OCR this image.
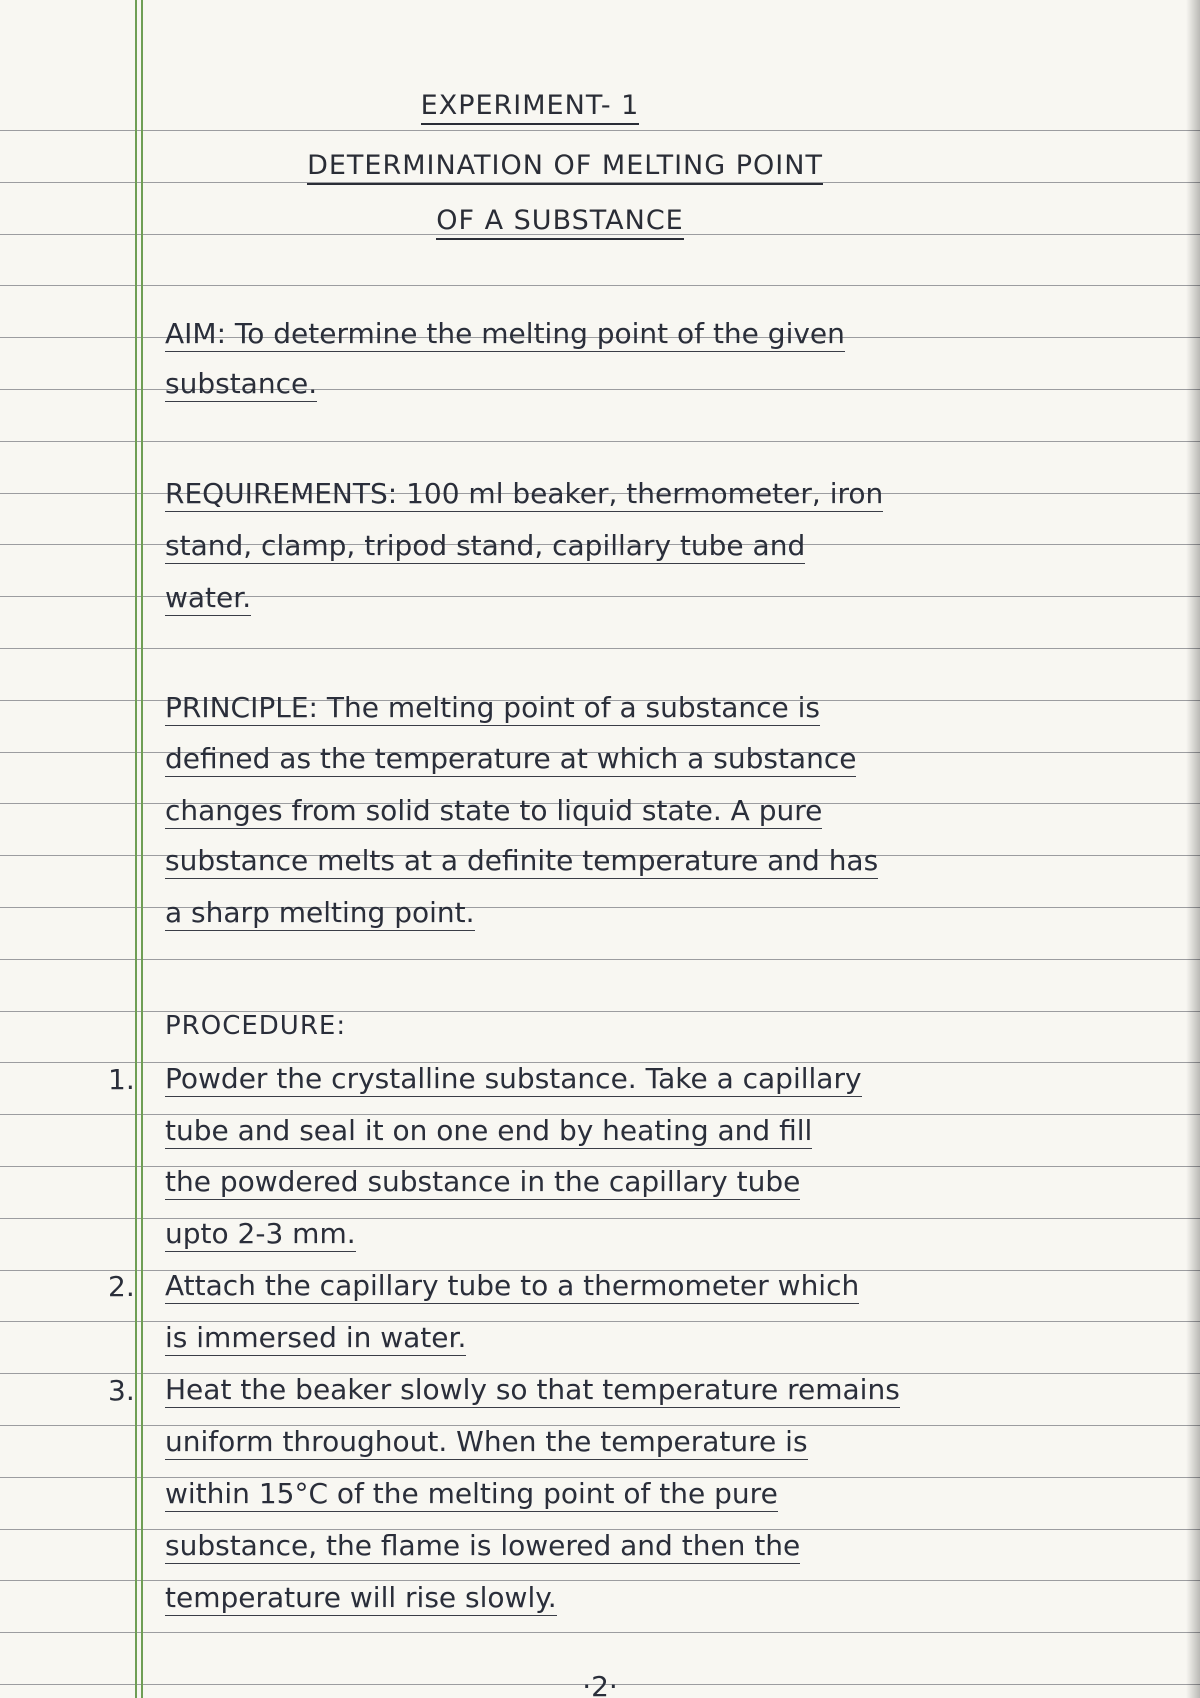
EXPERIMENT- 1
DETERMINATION OF MELTING POINT
OF A SUBSTANCE
AIM: To determine the melting point of the given
substance.
REQUIREMENTS: 100 ml beaker, thermometer, iron
stand, clamp, tripod stand, capillary tube and
water.
PRINCIPLE: The melting point of a substance is
defined as the temperature at which a substance
changes from solid state to liquid state. A pure
substance melts at a definite temperature and has
a sharp melting point.
PROCEDURE:
1.	Powder the crystalline substance. Take a capillary
tube and seal it on one end by heating and fill
the powdered substance in the capillary tube
upto 2-3 mm.
2.	Attach the capillary tube to a thermometer which
is immersed in water.
3.	Heat the beaker slowly so that temperature remains
uniform throughout. When the temperature is
within 15°C of the melting point of the pure
substance, the flame is lowered and then the
temperature will rise slowly.
·2·
